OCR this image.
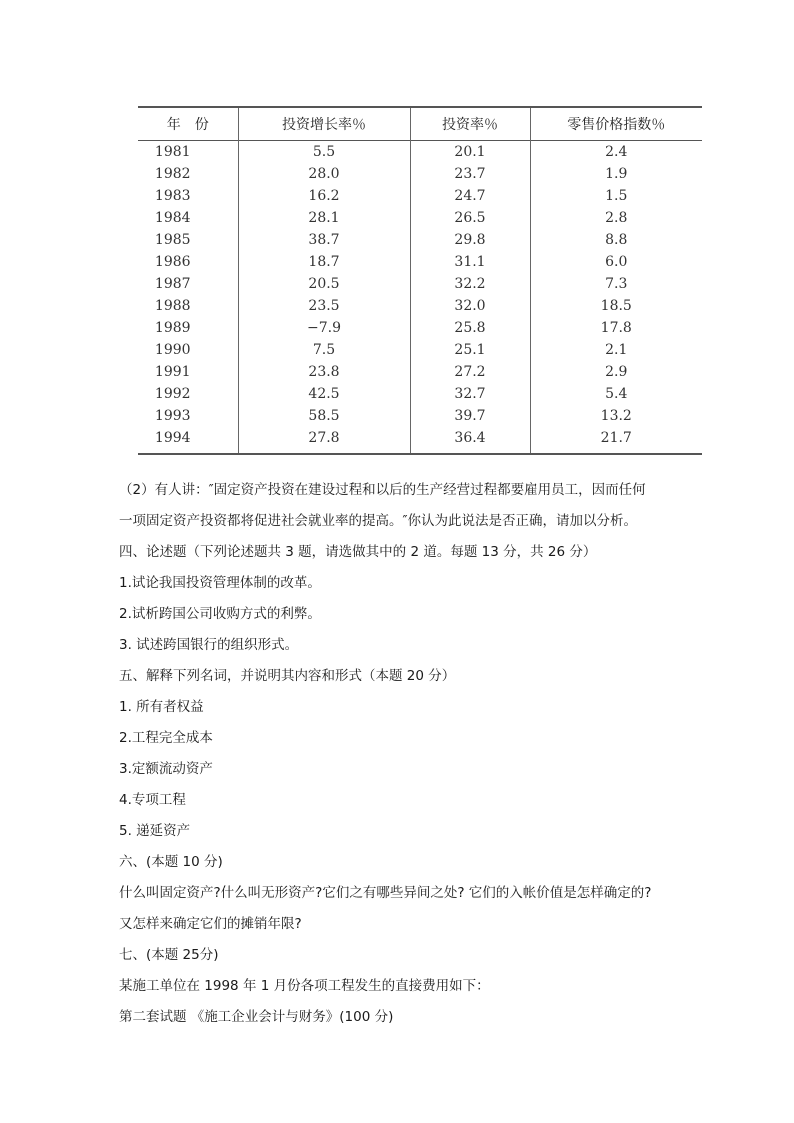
年　份	投资增长率％	投资率％	零售价格指数％
1981	5.5	20.1	2.4
1982	28.0	23.7	1.9
1983	16.2	24.7	1.5
1984	28.1	26.5	2.8
1985	38.7	29.8	8.8
1986	18.7	31.1	6.0
1987	20.5	32.2	7.3
1988	23.5	32.0	18.5
1989	−7.9	25.8	17.8
1990	7.5	25.1	2.1
1991	23.8	27.2	2.9
1992	42.5	32.7	5.4
1993	58.5	39.7	13.2
1994	27.8	36.4	21.7

（2）有人讲：″固定资产投资在建设过程和以后的生产经营过程都要雇用员工，因而任何

一项固定资产投资都将促进社会就业率的提高。″你认为此说法是否正确，请加以分析。

四、论述题（下列论述题共 3 题，请选做其中的 2 道。每题 13 分，共 26 分）

1.试论我国投资管理体制的改革。

2.试析跨国公司收购方式的利弊。

3. 试述跨国银行的组织形式。

五、解释下列名词，并说明其内容和形式（本题 20 分）

1. 所有者权益

2.工程完全成本

3.定额流动资产

4.专项工程

5. 递延资产

六、(本题 10 分)

什么叫固定资产?什么叫无形资产?它们之有哪些异间之处? 它们的入帐价值是怎样确定的?

又怎样来确定它们的摊销年限?

七、(本题 25分)

某施工单位在 1998 年 1 月份各项工程发生的直接费用如下：

第二套试题 《施工企业会计与财务》(100 分)
